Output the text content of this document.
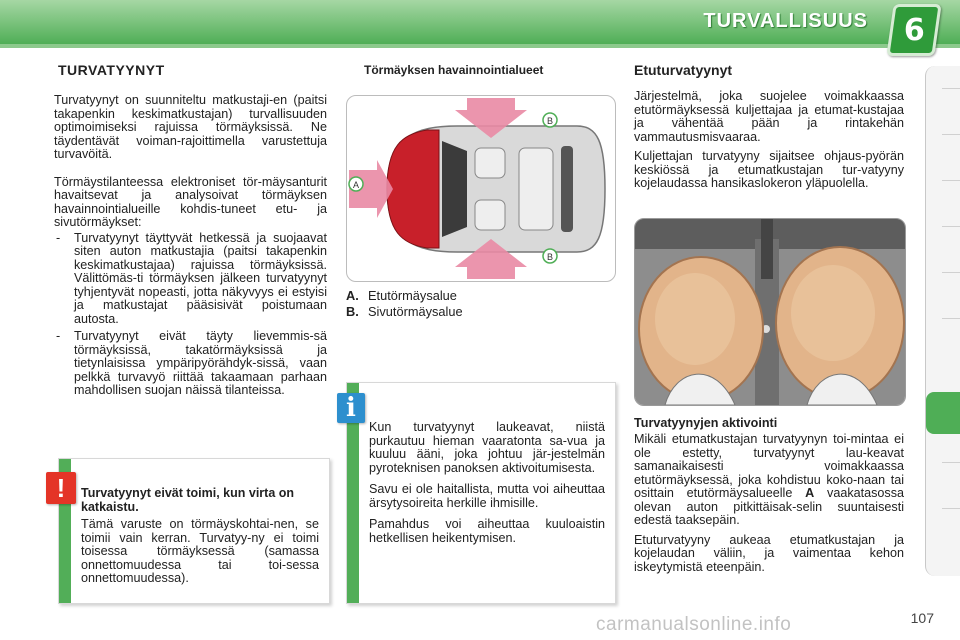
TURVALLISUUS 6
TURVATYYNYT

Turvatyynyt on suunniteltu matkustaji-en (paitsi takapenkin keskimatkustajan) turvallisuuden optimoimiseksi rajuissa törmäyksissä. Ne täydentävät voiman-rajoittimella varustettuja turvavöitä.

Törmäystilanteessa elektroniset tör-mäysanturit havaitsevat ja analysoivat törmäyksen havainnointialueille kohdis-tuneet etu- ja sivutörmäykset:

- Turvatyynyt täyttyvät hetkessä ja suojaavat siten auton matkustajia (paitsi takapenkin keskimatkustajaa) rajuissa törmäyksissä. Välittömäs-ti törmäyksen jälkeen turvatyynyt tyhjentyvät nopeasti, jotta näkyvyys ei estyisi ja matkustajat pääsisivät poistumaan autosta.
- Turvatyynyt eivät täyty lievemmis-sä törmäyksissä, takatörmäyksissä ja tietynlaisissa ympäripyörähdyk-sissä, vaan pelkkä turvavyö riittää takaamaan parhaan mahdollisen suojan näissä tilanteissa.
Turvatyynyt eivät toimi, kun virta on katkaistu.

Tämä varuste on törmäyskohtai-nen, se toimii vain kerran. Turvatyy-ny ei toimi toisessa törmäyksessä (samassa onnettomuudessa tai toi-sessa onnettomuudessa).

!
Törmäyksen havainnointialueet
A
B
B
A. Etutörmäysalue
B. Sivutörmäysalue

Kun turvatyynyt laukeavat, niistä purkautuu hieman vaaratonta sa-vua ja kuuluu ääni, joka johtuu jär-jestelmän pyroteknisen panoksen aktivoitumisesta.

Savu ei ole haitallista, mutta voi aiheuttaa ärsytysoireita herkille ihmisille.

Pamahdus voi aiheuttaa kuuloaistin hetkellisen heikentymisen.

i
Etuturvatyynyt

Järjestelmä, joka suojelee voimakkaassa etutörmäyksessä kuljettajaa ja etumat-kustajaa ja vähentää pään ja rintakehän vammautusmisvaaraa.

Kuljettajan turvatyyny sijaitsee ohjaus-pyörän keskiössä ja etumatkustajan tur-vatyyny kojelaudassa hansikaslokeron yläpuolella.

Turvatyynyjen aktivointi

Mikäli etumatkustajan turvatyynyn toi-mintaa ei ole estetty, turvatyynyt lau-keavat samanaikaisesti voimakkaassa etutörmäyksessä, joka kohdistuu koko-naan tai osittain etutörmäysalueelle A vaakatasossa olevan auton pitkittäisak-selin suuntaisesti edestä taaksepäin.

Etuturvatyyny aukeaa etumatkustajan ja kojelaudan väliin, ja vaimentaa kehon iskeytymistä eteenpäin.

107
carmanualsonline.info
